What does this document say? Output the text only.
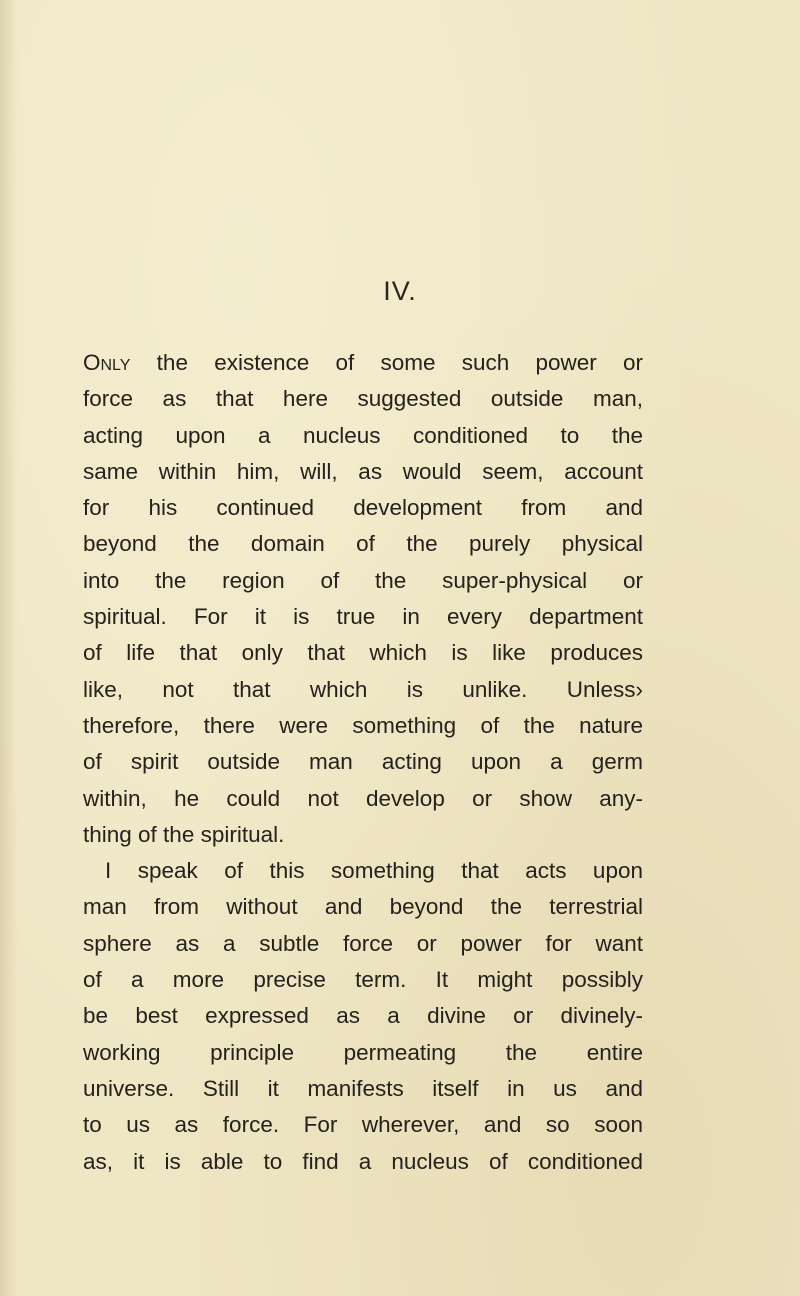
IV.
Only the existence of some such power or
force as that here suggested outside man,
acting upon a nucleus conditioned to the
same within him, will, as would seem, account
for his continued development from and
beyond the domain of the purely physical
into the region of the super-physical or
spiritual. For it is true in every department
of life that only that which is like produces
like, not that which is unlike. Unless›
therefore, there were something of the nature
of spirit outside man acting upon a germ
within, he could not develop or show any-
thing of the spiritual.
I speak of this something that acts upon
man from without and beyond the terrestrial
sphere as a subtle force or power for want
of a more precise term. It might possibly
be best expressed as a divine or divinely-
working principle permeating the entire
universe. Still it manifests itself in us and
to us as force. For wherever, and so soon
as, it is able to find a nucleus of conditioned
